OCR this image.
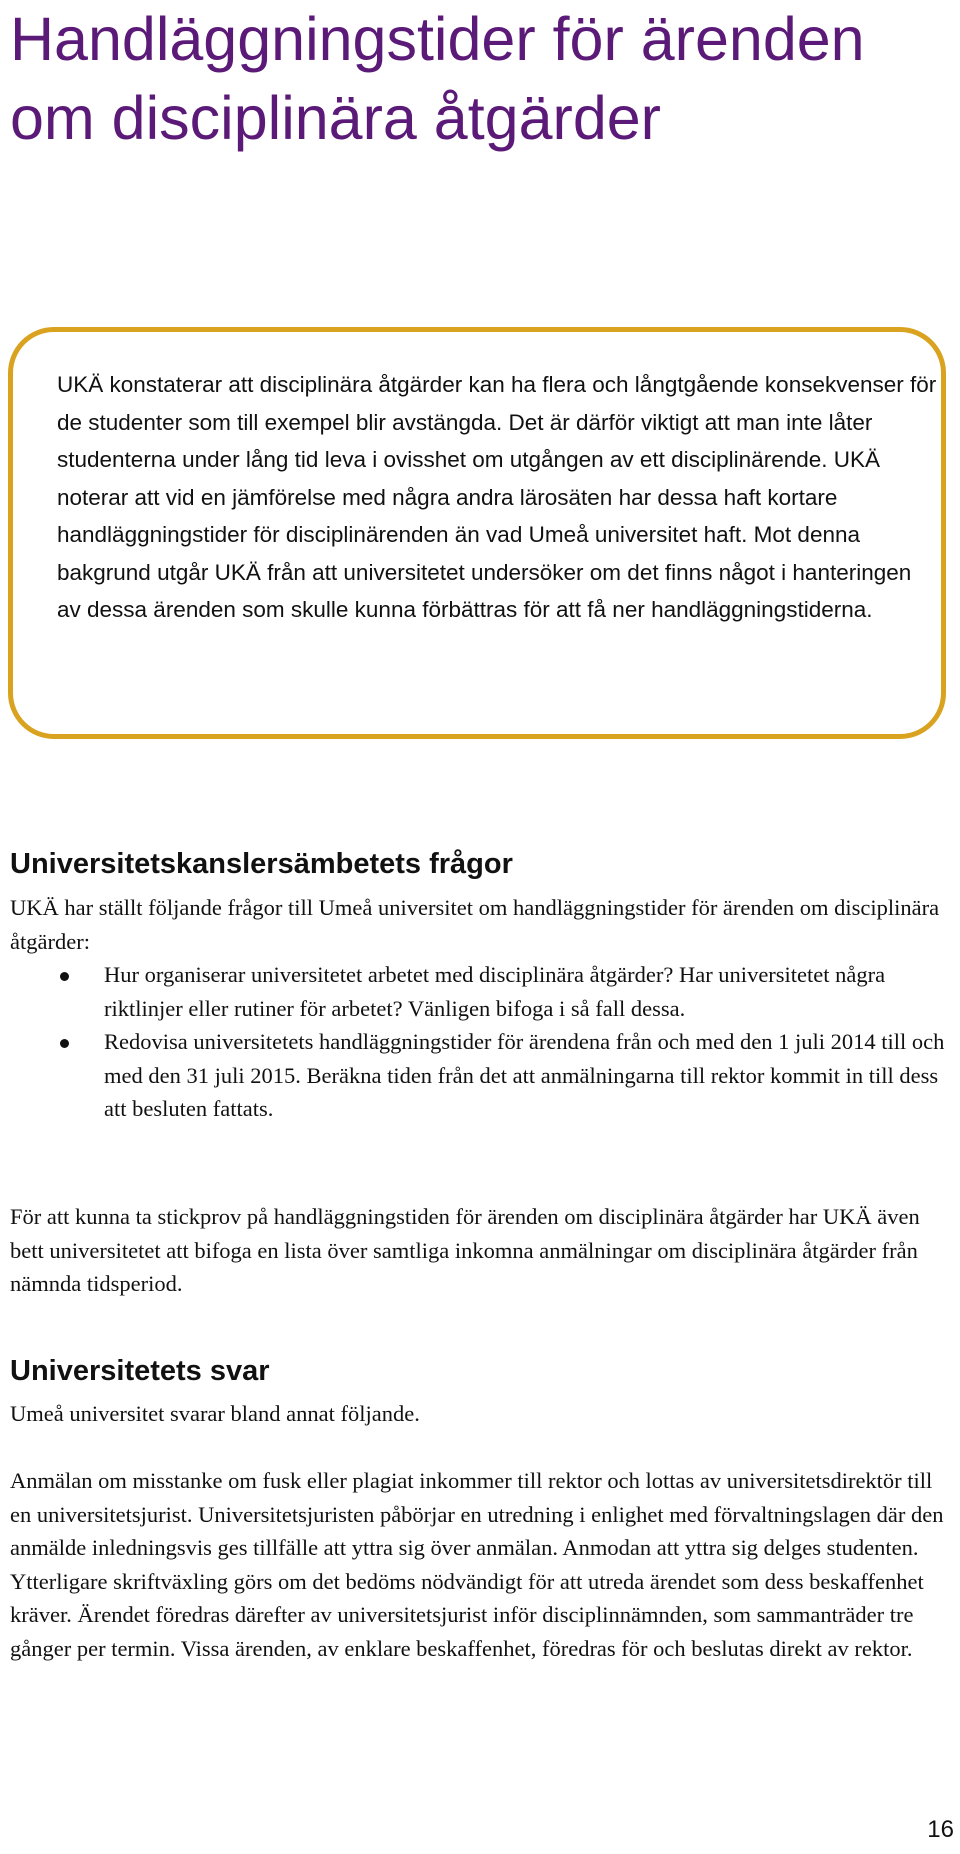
Handläggningstider för ärenden om disciplinära åtgärder

UKÄ konstaterar att disciplinära åtgärder kan ha flera och långtgående konsekvenser för de studenter som till exempel blir avstängda. Det är därför viktigt att man inte låter studenterna under lång tid leva i ovisshet om utgången av ett disciplinärende. UKÄ noterar att vid en jämförelse med några andra lärosäten har dessa haft kortare handläggningstider för disciplinärenden än vad Umeå universitet haft. Mot denna bakgrund utgår UKÄ från att universitetet undersöker om det finns något i hanteringen av dessa ärenden som skulle kunna förbättras för att få ner handläggningstiderna.

Universitetskanslersämbetets frågor

UKÄ har ställt följande frågor till Umeå universitet om handläggningstider för ärenden om disciplinära åtgärder:

Hur organiserar universitetet arbetet med disciplinära åtgärder? Har universitetet några riktlinjer eller rutiner för arbetet? Vänligen bifoga i så fall dessa.
Redovisa universitetets handläggningstider för ärendena från och med den 1 juli 2014 till och med den 31 juli 2015. Beräkna tiden från det att anmälningarna till rektor kommit in till dess att besluten fattats.

För att kunna ta stickprov på handläggningstiden för ärenden om disciplinära åtgärder har UKÄ även bett universitetet att bifoga en lista över samtliga inkomna anmälningar om disciplinära åtgärder från nämnda tidsperiod.

Universitetets svar

Umeå universitet svarar bland annat följande.

Anmälan om misstanke om fusk eller plagiat inkommer till rektor och lottas av universitetsdirektör till en universitetsjurist. Universitetsjuristen påbörjar en utredning i enlighet med förvaltningslagen där den anmälde inledningsvis ges tillfälle att yttra sig över anmälan. Anmodan att yttra sig delges studenten. Ytterligare skriftväxling görs om det bedöms nödvändigt för att utreda ärendet som dess beskaffenhet kräver. Ärendet föredras därefter av universitetsjurist inför disciplinnämnden, som sammanträder tre gånger per termin. Vissa ärenden, av enklare beskaffenhet, föredras för och beslutas direkt av rektor.

16
